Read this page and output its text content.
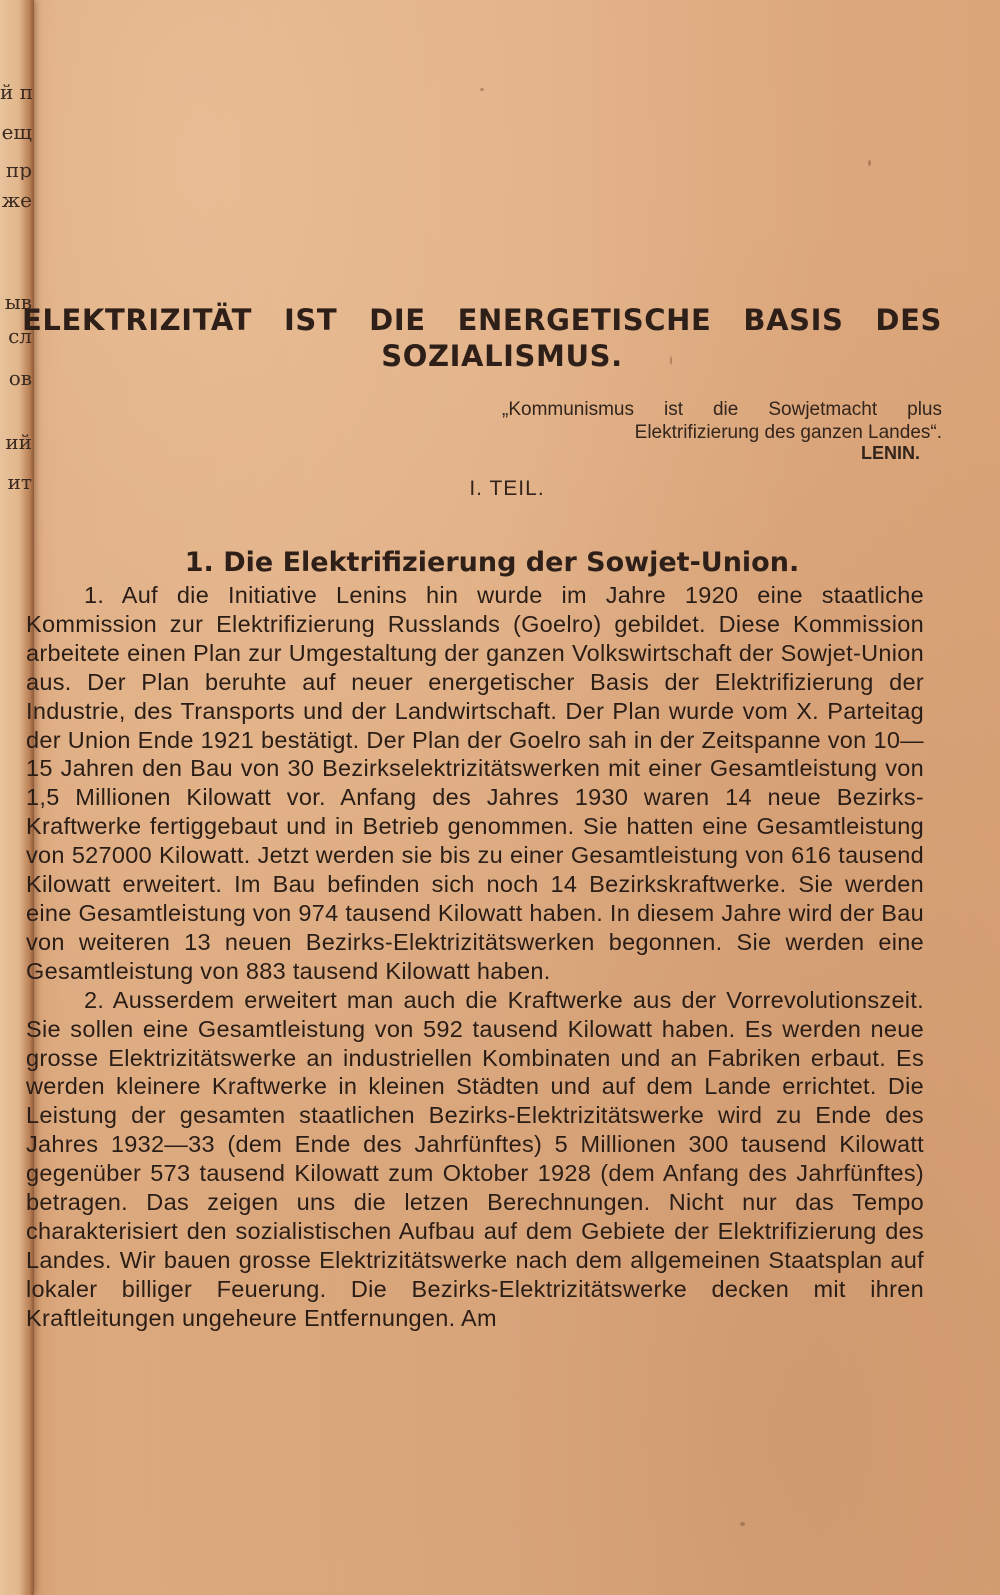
й п
ещ
пр
же
ыв
сл
ов
ий
ит
ELEKTRIZITÄT IST DIE ENERGETISCHE BASIS DES
SOZIALISMUS.
„Kommunismus ist die Sowjetmacht plus Elektrifizierung des ganzen Landes“.
LENIN.
I. TEIL.
1. Die Elektrifizierung der Sowjet-Union.

1. Auf die Initiative Lenins hin wurde im Jahre 1920 eine staatliche Kommission zur Elektrifizierung Russlands (Goelro) gebildet. Diese Kommission arbeitete einen Plan zur Umgestaltung der ganzen Volkswirtschaft der Sowjet-Union aus. Der Plan beruhte auf neuer energetischer Basis der Elektrifizierung der Industrie, des Transports und der Landwirtschaft. Der Plan wurde vom X. Parteitag der Union Ende 1921 bestätigt. Der Plan der Goelro sah in der Zeitspanne von 10—15 Jahren den Bau von 30 Bezirkselektrizitätswerken mit einer Gesamtleistung von 1,5 Millionen Kilowatt vor. Anfang des Jahres 1930 waren 14 neue Bezirks-Kraftwerke fertiggebaut und in Betrieb genommen. Sie hatten eine Gesamtleistung von 527000 Kilowatt. Jetzt werden sie bis zu einer Gesamtleistung von 616 tausend Kilowatt erweitert. Im Bau befinden sich noch 14 Bezirkskraftwerke. Sie werden eine Gesamtleistung von 974 tausend Kilowatt haben. In diesem Jahre wird der Bau von weiteren 13 neuen Bezirks-Elektrizitätswerken begonnen. Sie werden eine Gesamtleistung von 883 tausend Kilowatt haben.

2. Ausserdem erweitert man auch die Kraftwerke aus der Vorrevolutionszeit. Sie sollen eine Gesamtleistung von 592 tausend Kilowatt haben. Es werden neue grosse Elektrizitätswerke an industriellen Kombinaten und an Fabriken erbaut. Es werden kleinere Kraftwerke in kleinen Städten und auf dem Lande errichtet. Die Leistung der gesamten staatlichen Bezirks-Elektrizitätswerke wird zu Ende des Jahres 1932—33 (dem Ende des Jahrfünftes) 5 Millionen 300 tausend Kilowatt gegenüber 573 tausend Kilowatt zum Oktober 1928 (dem Anfang des Jahrfünftes) betragen. Das zeigen uns die letzen Berechnungen. Nicht nur das Tempo charakterisiert den sozialistischen Aufbau auf dem Gebiete der Elektrifizierung des Landes. Wir bauen grosse Elektrizitätswerke nach dem allgemeinen Staatsplan auf lokaler billiger Feuerung. Die Bezirks-Elektrizitätswerke decken mit ihren Kraftleitungen ungeheure Entfernungen. Am
